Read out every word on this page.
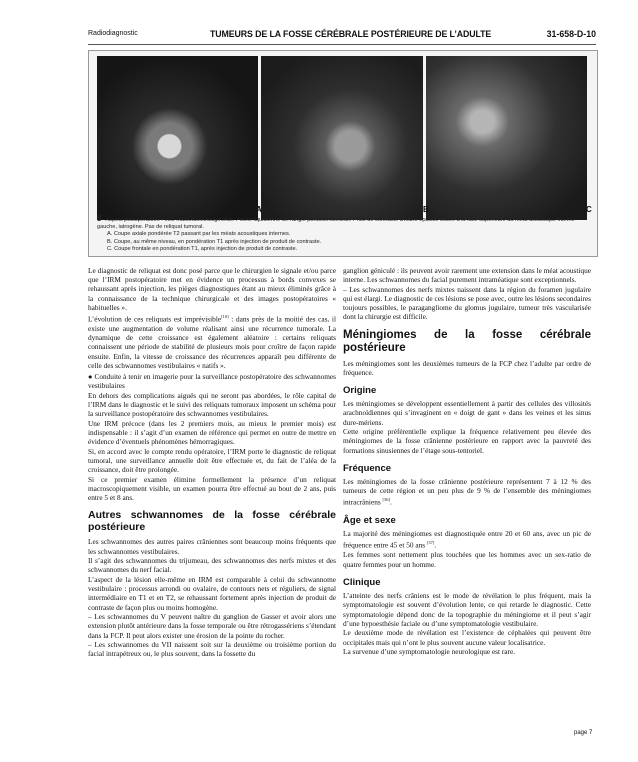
Radiodiagnostic	TUMEURS DE LA FOSSE CÉRÉBRALE POSTÉRIEURE DE L’ADULTE	31-658-D-10
A	B	C
8 Aspect postopératoire : voie mastoïdolétrosigmoïde. Poche liquidienne de l’angle pontocérébelleux. Prise de contraste linéaire épaisse située à la face supérieure du méat acoustique interne gauche, iatrogène. Pas de reliquat tumoral.
A. Coupe axiale pondérée T2 passant par les méats acoustiques internes.
B. Coupe, au même niveau, en pondération T1 après injection de produit de contraste.
C. Coupe frontale en pondération T1, après injection de produit de contraste.

Le diagnostic de reliquat est donc posé parce que le chirurgien le signale et/ou parce que l’IRM postopératoire met en évidence un processus à bords convexes se rehaussant après injection, les pièges diagnostiques étant au mieux éliminés grâce à la connaissance de la technique chirurgicale et des images postopératoires « habituelles ».

L’évolution de ces reliquats est imprévisible[10] : dans près de la moitié des cas, il existe une augmentation de volume réalisant ainsi une récurrence tumorale. La dynamique de cette croissance est également aléatoire : certains reliquats connaissent une période de stabilité de plusieurs mois pour croître de façon rapide ensuite. Enfin, la vitesse de croissance des récurrences apparaît peu différente de celle des schwannomes vestibulaires « natifs ».

● Conduite à tenir en imagerie pour la surveillance postopératoire des schwannomes vestibulaires

En dehors des complications aiguës qui ne seront pas abordées, le rôle capital de l’IRM dans le diagnostic et le suivi des reliquats tumoraux imposent un schéma pour la surveillance postopératoire des schwannomes vestibulaires.

Une IRM précoce (dans les 2 premiers mois, au mieux le premier mois) est indispensable : il s’agit d’un examen de référence qui permet en outre de mettre en évidence d’éventuels phénomènes hémorragiques.

Si, en accord avec le compte rendu opératoire, l’IRM porte le diagnostic de reliquat tumoral, une surveillance annuelle doit être effectuée et, du fait de l’aléa de la croissance, doit être prolongée.

Si ce premier examen élimine formellement la présence d’un reliquat macroscopiquement visible, un examen pourra être effectué au bout de 2 ans, puis entre 5 et 8 ans.

Autres schwannomes de la fosse cérébrale postérieure

Les schwannomes des autres paires crâniennes sont beaucoup moins fréquents que les schwannomes vestibulaires.

Il s’agit des schwannomes du trijumeau, des schwannomes des nerfs mixtes et des schwannomes du nerf facial.

L’aspect de la lésion elle-même en IRM est comparable à celui du schwannome vestibulaire : processus arrondi ou ovalaire, de contours nets et réguliers, de signal intermédiaire en T1 et en T2, se rehaussant fortement après injection de produit de contraste de façon plus ou moins homogène.

– Les schwannomes du V peuvent naître du ganglion de Gasser et avoir alors une extension plutôt antérieure dans la fosse temporale ou être rétrogassériens s’étendant dans la FCP. Il peut alors exister une érosion de la pointe du rocher.

– Les schwannomes du VII naissent soit sur la deuxième ou troisième portion du facial intrapétreux ou, le plus souvent, dans la fossette du

ganglion géniculé : ils peuvent avoir rarement une extension dans le méat acoustique interne. Les schwannomes du facial purement intraméatique sont exceptionnels.

– Les schwannomes des nerfs mixtes naissent dans la région du foramen jugulaire qui est élargi. Le diagnostic de ces lésions se pose avec, outre les lésions secondaires toujours possibles, le paragangliome du glomus jugulaire, tumeur très vascularisée dont la chirurgie est difficile.

Méningiomes de la fosse cérébrale postérieure

Les méningiomes sont les deuxièmes tumeurs de la FCP chez l’adulte par ordre de fréquence.

Origine

Les méningiomes se développent essentiellement à partir des cellules des villosités arachnoïdiennes qui s’invaginent en « doigt de gant » dans les veines et les sinus dure-mériens.

Cette origine préférentielle explique la fréquence relativement peu élevée des méningiomes de la fosse crânienne postérieure en rapport avec la pauvreté des formations sinusiennes de l’étage sous-tentoriel.

Fréquence

Les méningiomes de la fosse crânienne postérieure représentent 7 à 12 % des tumeurs de cette région et un peu plus de 9 % de l’ensemble des méningiomes intracrâniens [36].

Âge et sexe

La majorité des méningiomes est diagnostiquée entre 20 et 60 ans, avec un pic de fréquence entre 45 et 50 ans [37].

Les femmes sont nettement plus touchées que les hommes avec un sex-ratio de quatre femmes pour un homme.

Clinique

L’atteinte des nerfs crâniens est le mode de révélation le plus fréquent, mais la symptomatologie est souvent d’évolution lente, ce qui retarde le diagnostic. Cette symptomatologie dépend donc de la topographie du méningiome et il peut s’agir d’une hypoesthésie faciale ou d’une symptomatologie vestibulaire.

Le deuxième mode de révélation est l’existence de céphalées qui peuvent être occipitales mais qui n’ont le plus souvent aucune valeur localisatrice.

La survenue d’une symptomatologie neurologique est rare.

page 7
